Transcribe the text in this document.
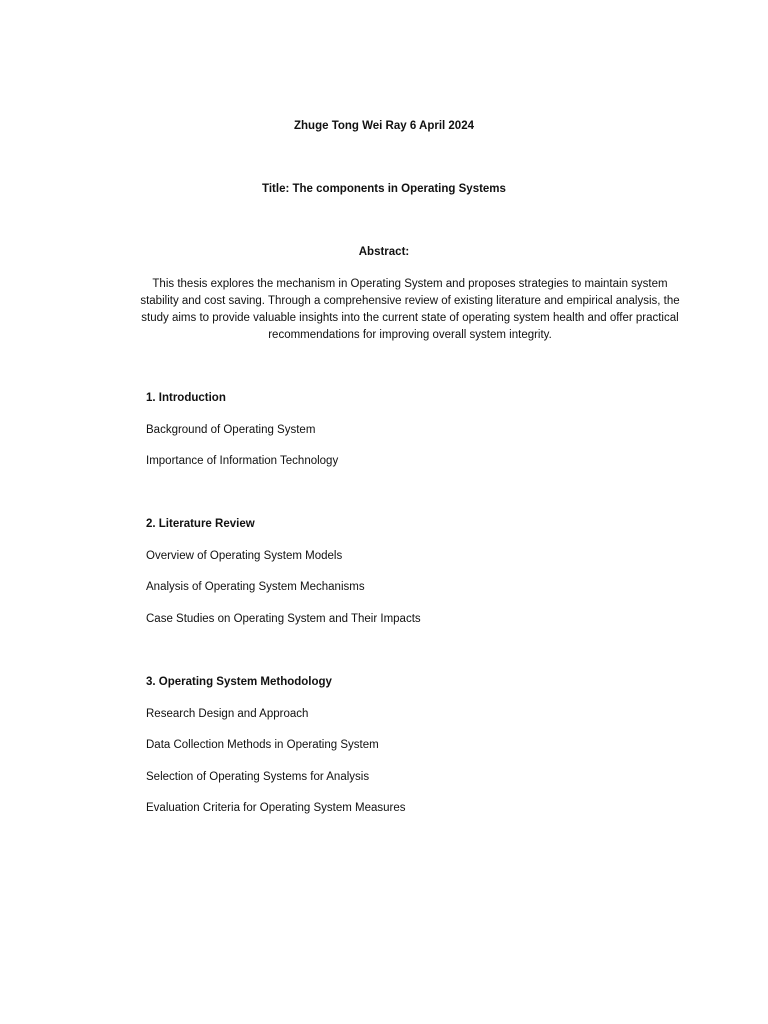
Zhuge Tong Wei Ray 6 April 2024
Title: The components in Operating Systems
Abstract:
This thesis explores the mechanism in Operating System and proposes strategies to maintain system stability and cost saving. Through a comprehensive review of existing literature and empirical analysis, the study aims to provide valuable insights into the current state of operating system health and offer practical recommendations for improving overall system integrity.
1. Introduction
Background of Operating System
Importance of Information Technology
2. Literature Review
Overview of Operating System Models
Analysis of Operating System Mechanisms
Case Studies on Operating System and Their Impacts
3. Operating System Methodology
Research Design and Approach
Data Collection Methods in Operating System
Selection of Operating Systems for Analysis
Evaluation Criteria for Operating System Measures
